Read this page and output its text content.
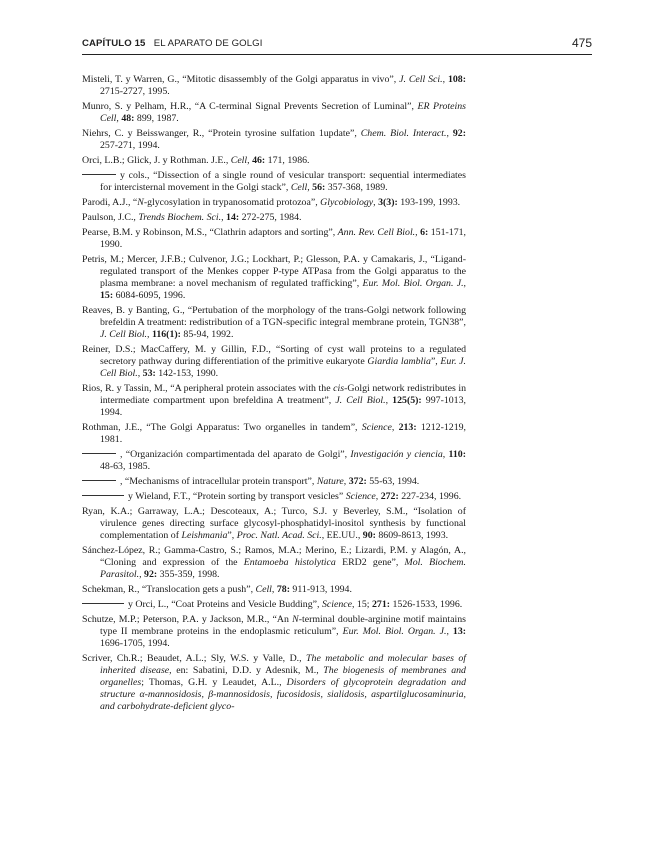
CAPÍTULO 15 EL APARATO DE GOLGI	475

Misteli, T. y Warren, G., “Mitotic disassembly of the Golgi apparatus in vivo”, J. Cell Sci., 108: 2715-2727, 1995.

Munro, S. y Pelham, H.R., “A C-terminal Signal Prevents Secretion of Luminal”, ER Proteins Cell, 48: 899, 1987.

Niehrs, C. y Beisswanger, R., “Protein tyrosine sulfation 1update”, Chem. Biol. Interact., 92: 257-271, 1994.

Orci, L.B.; Glick, J. y Rothman. J.E., Cell, 46: 171, 1986.

y cols., “Dissection of a single round of vesicular transport: sequential intermediates for intercisternal movement in the Golgi stack”, Cell, 56: 357-368, 1989.

Parodi, A.J., “N-glycosylation in trypanosomatid protozoa”, Glycobiology, 3(3): 193-199, 1993.

Paulson, J.C., Trends Biochem. Sci., 14: 272-275, 1984.

Pearse, B.M. y Robinson, M.S., “Clathrin adaptors and sorting”, Ann. Rev. Cell Biol., 6: 151-171, 1990.

Petris, M.; Mercer, J.F.B.; Culvenor, J.G.; Lockhart, P.; Glesson, P.A. y Camakaris, J., “Ligand-regulated transport of the Menkes copper P-type ATPasa from the Golgi apparatus to the plasma membrane: a novel mechanism of regulated trafficking”, Eur. Mol. Biol. Organ. J., 15: 6084-6095, 1996.

Reaves, B. y Banting, G., “Pertubation of the morphology of the trans-Golgi network following brefeldin A treatment: redistribution of a TGN-specific integral membrane protein, TGN38”, J. Cell Biol., 116(1): 85-94, 1992.

Reiner, D.S.; MacCaffery, M. y Gillin, F.D., “Sorting of cyst wall proteins to a regulated secretory pathway during differentiation of the primitive eukaryote Giardia lamblia”, Eur. J. Cell Biol., 53: 142-153, 1990.

Rios, R. y Tassin, M., “A peripheral protein associates with the cis-Golgi network redistributes in intermediate compartment upon brefeldina A treatment”, J. Cell Biol., 125(5): 997-1013, 1994.

Rothman, J.E., “The Golgi Apparatus: Two organelles in tandem”, Science, 213: 1212-1219, 1981.

, “Organización compartimentada del aparato de Golgi”, Investigación y ciencia, 110: 48-63, 1985.

, “Mechanisms of intracellular protein transport”, Nature, 372: 55-63, 1994.

y Wieland, F.T., “Protein sorting by transport vesicles” Science, 272: 227-234, 1996.

Ryan, K.A.; Garraway, L.A.; Descoteaux, A.; Turco, S.J. y Beverley, S.M., “Isolation of virulence genes directing surface glycosyl-phosphatidyl-inositol synthesis by functional complementation of Leishmania”, Proc. Natl. Acad. Sci., EE.UU., 90: 8609-8613, 1993.

Sánchez-López, R.; Gamma-Castro, S.; Ramos, M.A.; Merino, E.; Lizardi, P.M. y Alagón, A., “Cloning and expression of the Entamoeba histolytica ERD2 gene”, Mol. Biochem. Parasitol., 92: 355-359, 1998.

Schekman, R., “Translocation gets a push”, Cell, 78: 911-913, 1994.

y Orci, L., “Coat Proteins and Vesicle Budding”, Science, 15; 271: 1526-1533, 1996.

Schutze, M.P.; Peterson, P.A. y Jackson, M.R., “An N-terminal double-arginine motif maintains type II membrane proteins in the endoplasmic reticulum”, Eur. Mol. Biol. Organ. J., 13: 1696-1705, 1994.

Scriver, Ch.R.; Beaudet, A.L.; Sly, W.S. y Valle, D., The metabolic and molecular bases of inherited disease, en: Sabatini, D.D. y Adesnik, M., The biogenesis of membranes and organelles; Thomas, G.H. y Leaudet, A.L., Disorders of glycoprotein degradation and structure α-mannosidosis, β-mannosidosis, fucosidosis, sialidosis, aspartilglucosaminuria, and carbohydrate-deficient glyco-
